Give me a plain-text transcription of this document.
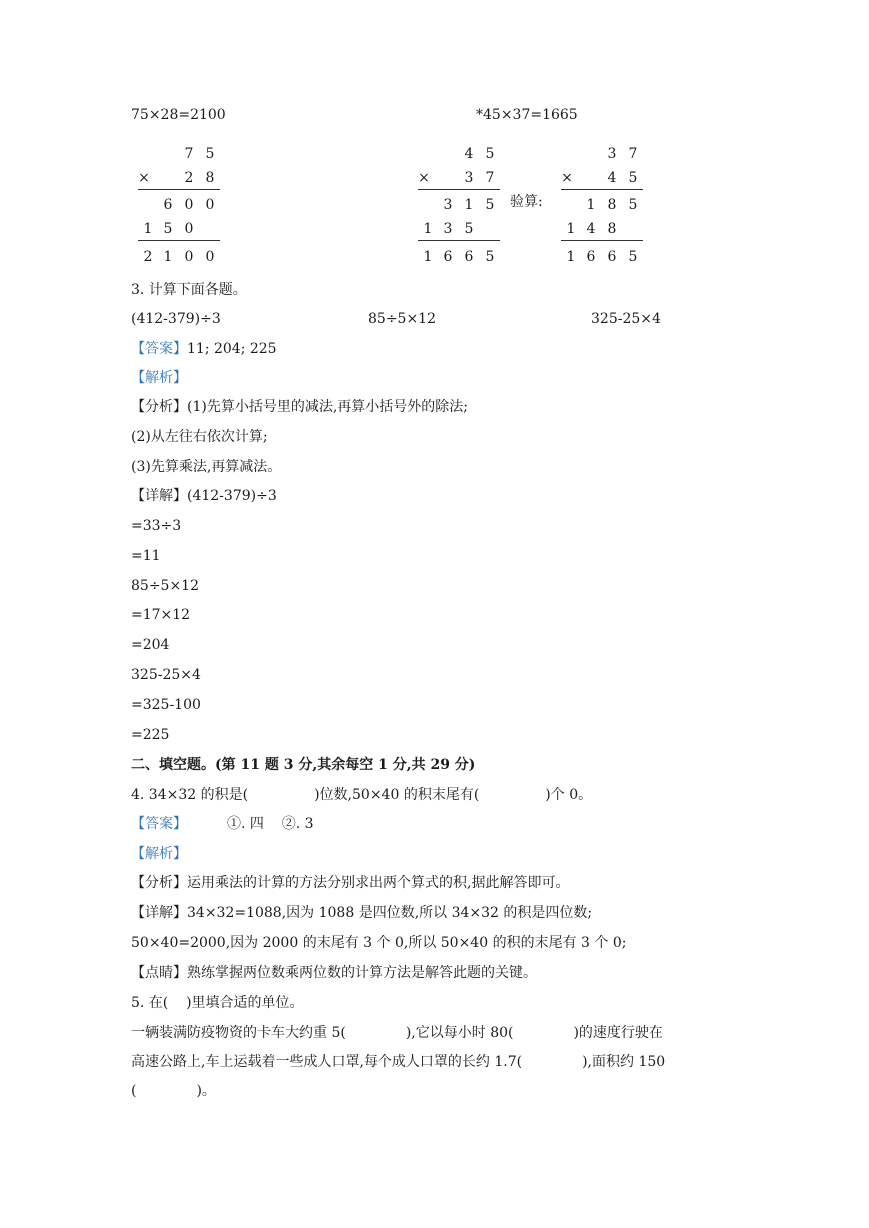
75×28=2100	*45×37=1665
7 5
×	2 8
6 0 0
1 5 0
2 1 0 0
4 5
×	3 7
3 1 5
1 3 5
1 6 6 5
验算:
3 7
×	4 5
1 8 5
1 4 8
1 6 6 5
3. 计算下面各题。
(412-379)÷3	85÷5×12	325-25×4
【答案】11; 204; 225
【解析】
【分析】(1)先算小括号里的减法,再算小括号外的除法;
(2)从左往右依次计算;
(3)先算乘法,再算减法。
【详解】(412-379)÷3
=33÷3
=11
85÷5×12
=17×12
=204
325-25×4
=325-100
=225
二、填空题。(第 11 题 3 分,其余每空 1 分,共 29 分)
4. 34×32 的积是(	)位数,50×40 的积末尾有(	)个 0。
【答案】	①. 四    ②. 3
【解析】
【分析】运用乘法的计算的方法分别求出两个算式的积,据此解答即可。
【详解】34×32=1088,因为 1088 是四位数,所以 34×32 的积是四位数;
50×40=2000,因为 2000 的末尾有 3 个 0,所以 50×40 的积的末尾有 3 个 0;
【点睛】熟练掌握两位数乘两位数的计算方法是解答此题的关键。
5. 在(    )里填合适的单位。
一辆装满防疫物资的卡车大约重 5(	),它以每小时 80(	)的速度行驶在
高速公路上,车上运载着一些成人口罩,每个成人口罩的长约 1.7(	),面积约 150
(	)。
